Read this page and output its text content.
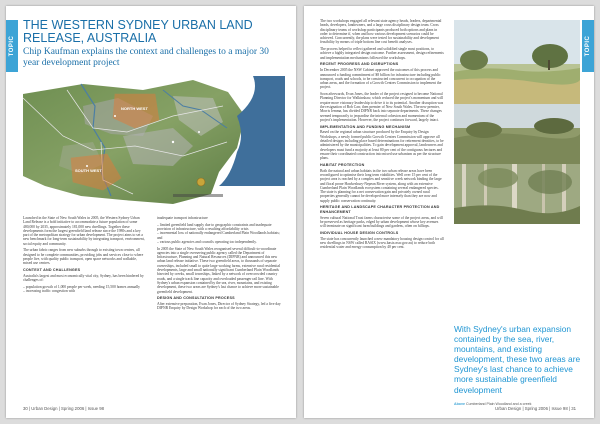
TOPIC
THE WESTERN SYDNEY URBAN LAND RELEASE, AUSTRALIA

Chip Kaufman explains the context and challenges to a major 30 year development project

NORTH WEST
SOUTH WEST

Launched in the State of New South Wales in 2005, the Western Sydney Urban Land Release is a bold initiative to accommodate a future population of some 480,000 by 2035, approximately 181,000 new dwellings. Together these developments form the largest greenfield land release since the 1980s and a key part of the metropolitan strategy for urban development. The project aims to set a new benchmark for long-term sustainability by integrating transport, environment, social equity and community.

The urban fabric ranges from new suburbs through to existing town centres, all designed to be complete communities, providing jobs and services close to where people live, with quality public transport, open space networks and walkable, mixed use centres.

CONTEXT AND CHALLENGES

Australia's largest and most economically vital city, Sydney, has been hindered by challenges of:

– population growth of 1,000 people per week, needing 15,500 homes annually
– increasing traffic congestion with

inadequate transport infrastructure

– limited greenfield land supply due to geographic constraints and inadequate provision of infrastructure, with a resulting affordability crisis
– incremental loss of nationally endangered Cumberland Plain Woodlands habitats; and
– various public agencies and councils operating too independently.

In 2005 the State of New South Wales reorganised several difficult-to-coordinate agencies into a single overseeing public agency called the Department of Infrastructure, Planning and Natural Resources (DIPNR) and announced this new urban land release initiative. These two greenfield areas, to thousands of separate ownerships, included small to quite large working farms, extensive rural residential developments, large and small nationally significant Cumberland Plain Woodlands bisected by creeks, small townships, linked by a network of overcrowded country roads, and a single track line capacity and overloaded passenger rail line. With Sydney's urban expansion contained by the sea, river, mountains, and existing development, these two areas are Sydney's last chance to achieve more sustainable greenfield development.

DESIGN AND CONSULTATION PROCESS

After extensive preparation, Evan Jones, Director of Sydney Strategy, led a five day DIPNR Enquiry by Design Workshop for each of the two areas.

30 | Urban Design | Spring 2006 | Issue 98
TOPIC

The two workshops engaged all relevant state agency heads, leaders, departmental heads, developers, landowners, and a large cross disciplinary design team. Cross disciplinary teams of workshop participants produced both options and plans in order to determine if, when and how various development scenarios could be achieved. Concurrently, the plans were tested for sustainability and development feasibility by means of triple bottom line cost benefit analyses.

The process helped to reflect gathered and solidified single most positions, to achieve a highly integrated design outcome. Further assessment, design refinements and implementation mechanisms followed the workshops.

RECENT PROGRESS AND DISRUPTIONS

In December 2005 the NSW Cabinet approved the outcomes of this process and announced a funding commitment of $8 billion for infrastructure including public transport, roads and schools, to be constructed concurrent to occupation of the urban areas, and the formation of a Growth Centres Commission to implement the project.

Soon afterwards, Evan Jones, the leader of the project resigned to become National Planning Director for Walkinshaw, which reduced the project's momentum and will require more visionary leadership to drive it to its potential. Another disruption was the resignation of Bob Carr, then premier of New South Wales. The new premier, Morris Iemma, has divided DIPNR back into separate departments. These changes seemed temporarily to jeopardise the internal cohesion and momentum of the project's implementation. However, the project continues forward, largely intact.

IMPLEMENTATION AND FUNDING MECHANISM

Based on the regional urban structure produced by the Enquiry by Design Workshops, a newly formed public Growth Centres Commission will approve all detailed designs including place based determinations for retirement densities, to be administered by the municipalities. To gain development approval, landowners and developers must fund a majority at least 80 per cent of the contiguous hectares and ensure their coordinated construction into mixed use urbanism as per the structure plans.

HABITAT PROTECTION

Both the natural and urban habitats in the two urban release areas have been reconfigured to optimise their long term viabilities. Well over 15 per cent of the project area is reached by a complex and sensitive creek network binding the large and floral prone Hawkesbury-Nepean River system, along with an extensive Cumberland Plain Woodlands ecosystem containing several endangered species. The state is planning for a net conservation gain and privately owned rural properties generally cannot be developed more intensely than they are now and supply public conservation continuity.

HERITAGE AND LANDSCAPE CHARACTER PROTECTION AND ENHANCEMENT

Seven cultural National Trust farms characterise some of the project areas, and will be preserved as heritage parks, edged by urban development whose key avenues will terminate on significant farm buildings and gardens, often on hilltops.

INDIVIDUAL HOUSE DESIGN CONTROLS

The state has concurrently launched a new mandatory housing design control for all new dwellings in NSW called BASIX (www.basix.nsw.gov.au) to reduce both residential water and energy consumption by 40 per cent.

With Sydney's urban expansion contained by the sea, river, mountains, and existing development, these two areas are Sydney's last chance to achieve more sustainable greenfield development
Above Cumberland Plain Woodland and a creek
Urban Design | Spring 2006 | Issue 98 | 31
